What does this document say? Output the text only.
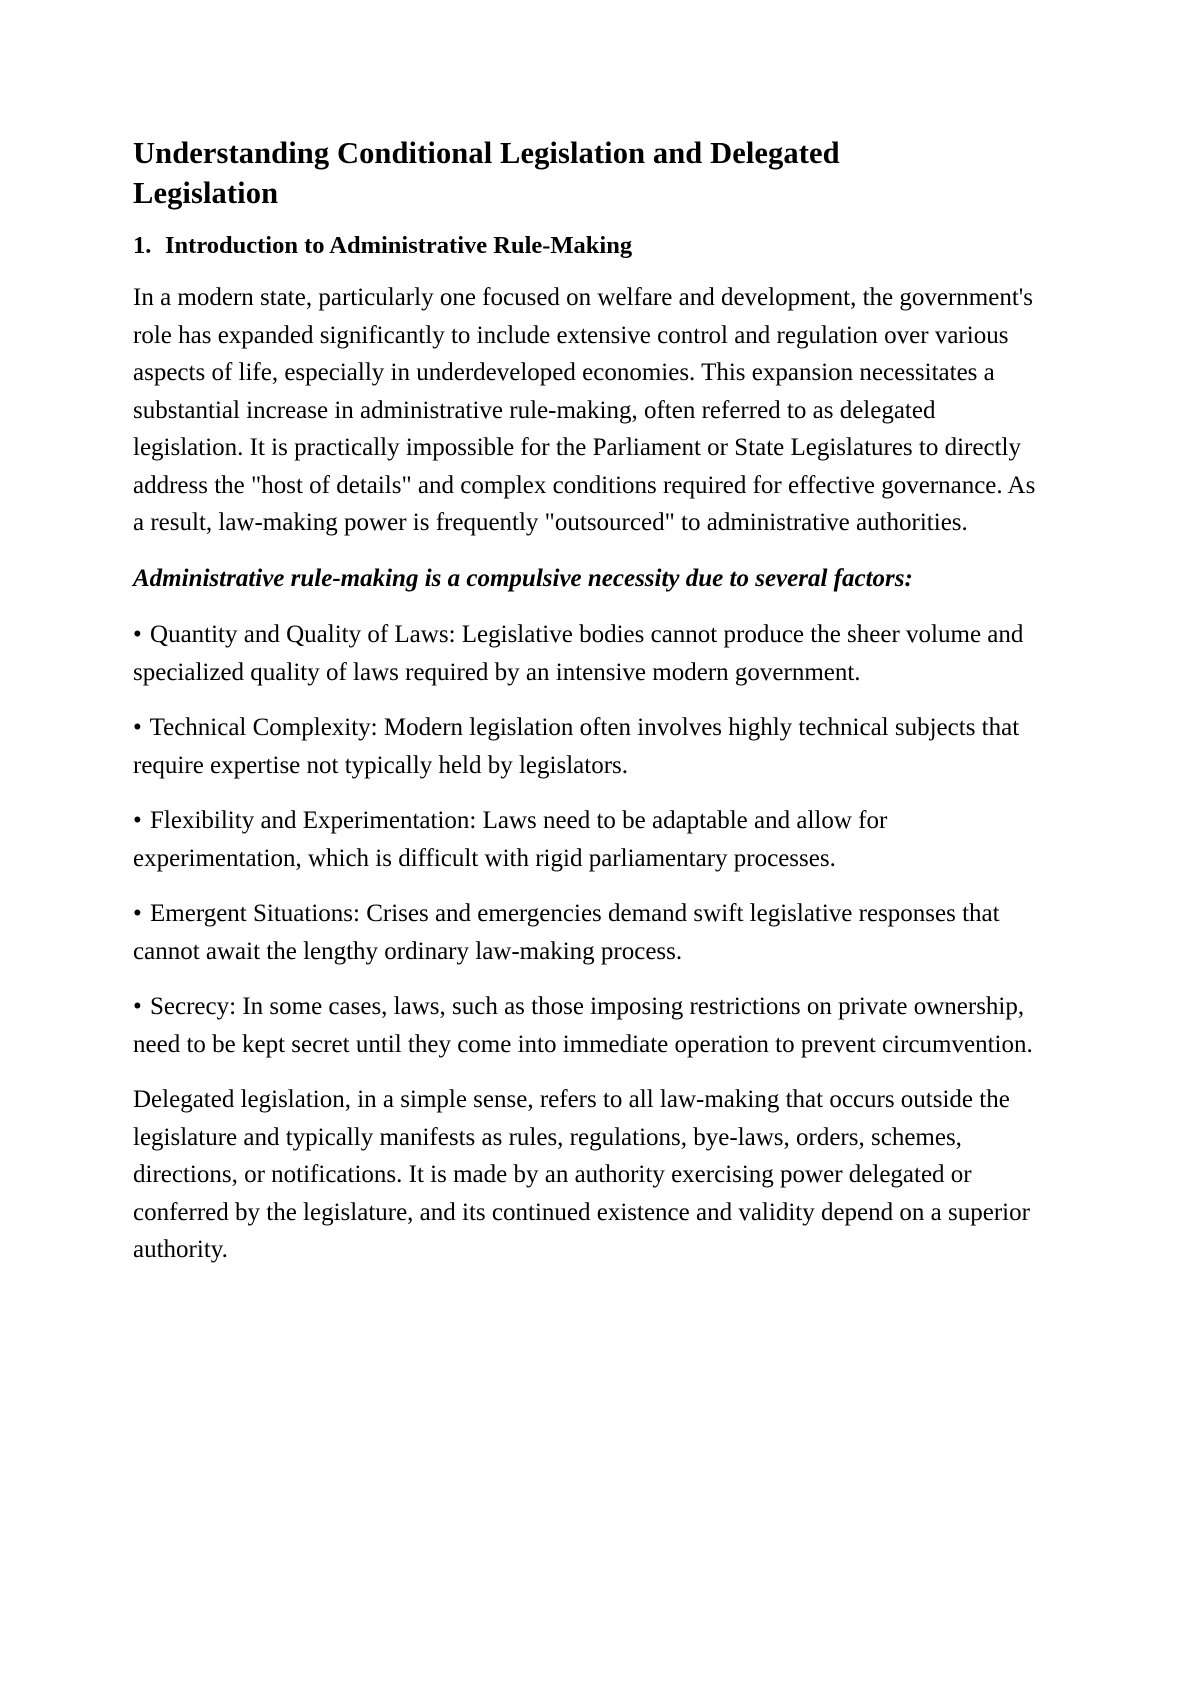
Understanding Conditional Legislation and Delegated Legislation
1. Introduction to Administrative Rule-Making

In a modern state, particularly one focused on welfare and development, the government's role has expanded significantly to include extensive control and regulation over various aspects of life, especially in underdeveloped economies. This expansion necessitates a substantial increase in administrative rule-making, often referred to as delegated legislation. It is practically impossible for the Parliament or State Legislatures to directly address the "host of details" and complex conditions required for effective governance. As a result, law-making power is frequently "outsourced" to administrative authorities.

Administrative rule-making is a compulsive necessity due to several factors:

• Quantity and Quality of Laws: Legislative bodies cannot produce the sheer volume and specialized quality of laws required by an intensive modern government.

• Technical Complexity: Modern legislation often involves highly technical subjects that require expertise not typically held by legislators.

• Flexibility and Experimentation: Laws need to be adaptable and allow for experimentation, which is difficult with rigid parliamentary processes.

• Emergent Situations: Crises and emergencies demand swift legislative responses that cannot await the lengthy ordinary law-making process.

• Secrecy: In some cases, laws, such as those imposing restrictions on private ownership, need to be kept secret until they come into immediate operation to prevent circumvention.

Delegated legislation, in a simple sense, refers to all law-making that occurs outside the legislature and typically manifests as rules, regulations, bye-laws, orders, schemes, directions, or notifications. It is made by an authority exercising power delegated or conferred by the legislature, and its continued existence and validity depend on a superior authority.
